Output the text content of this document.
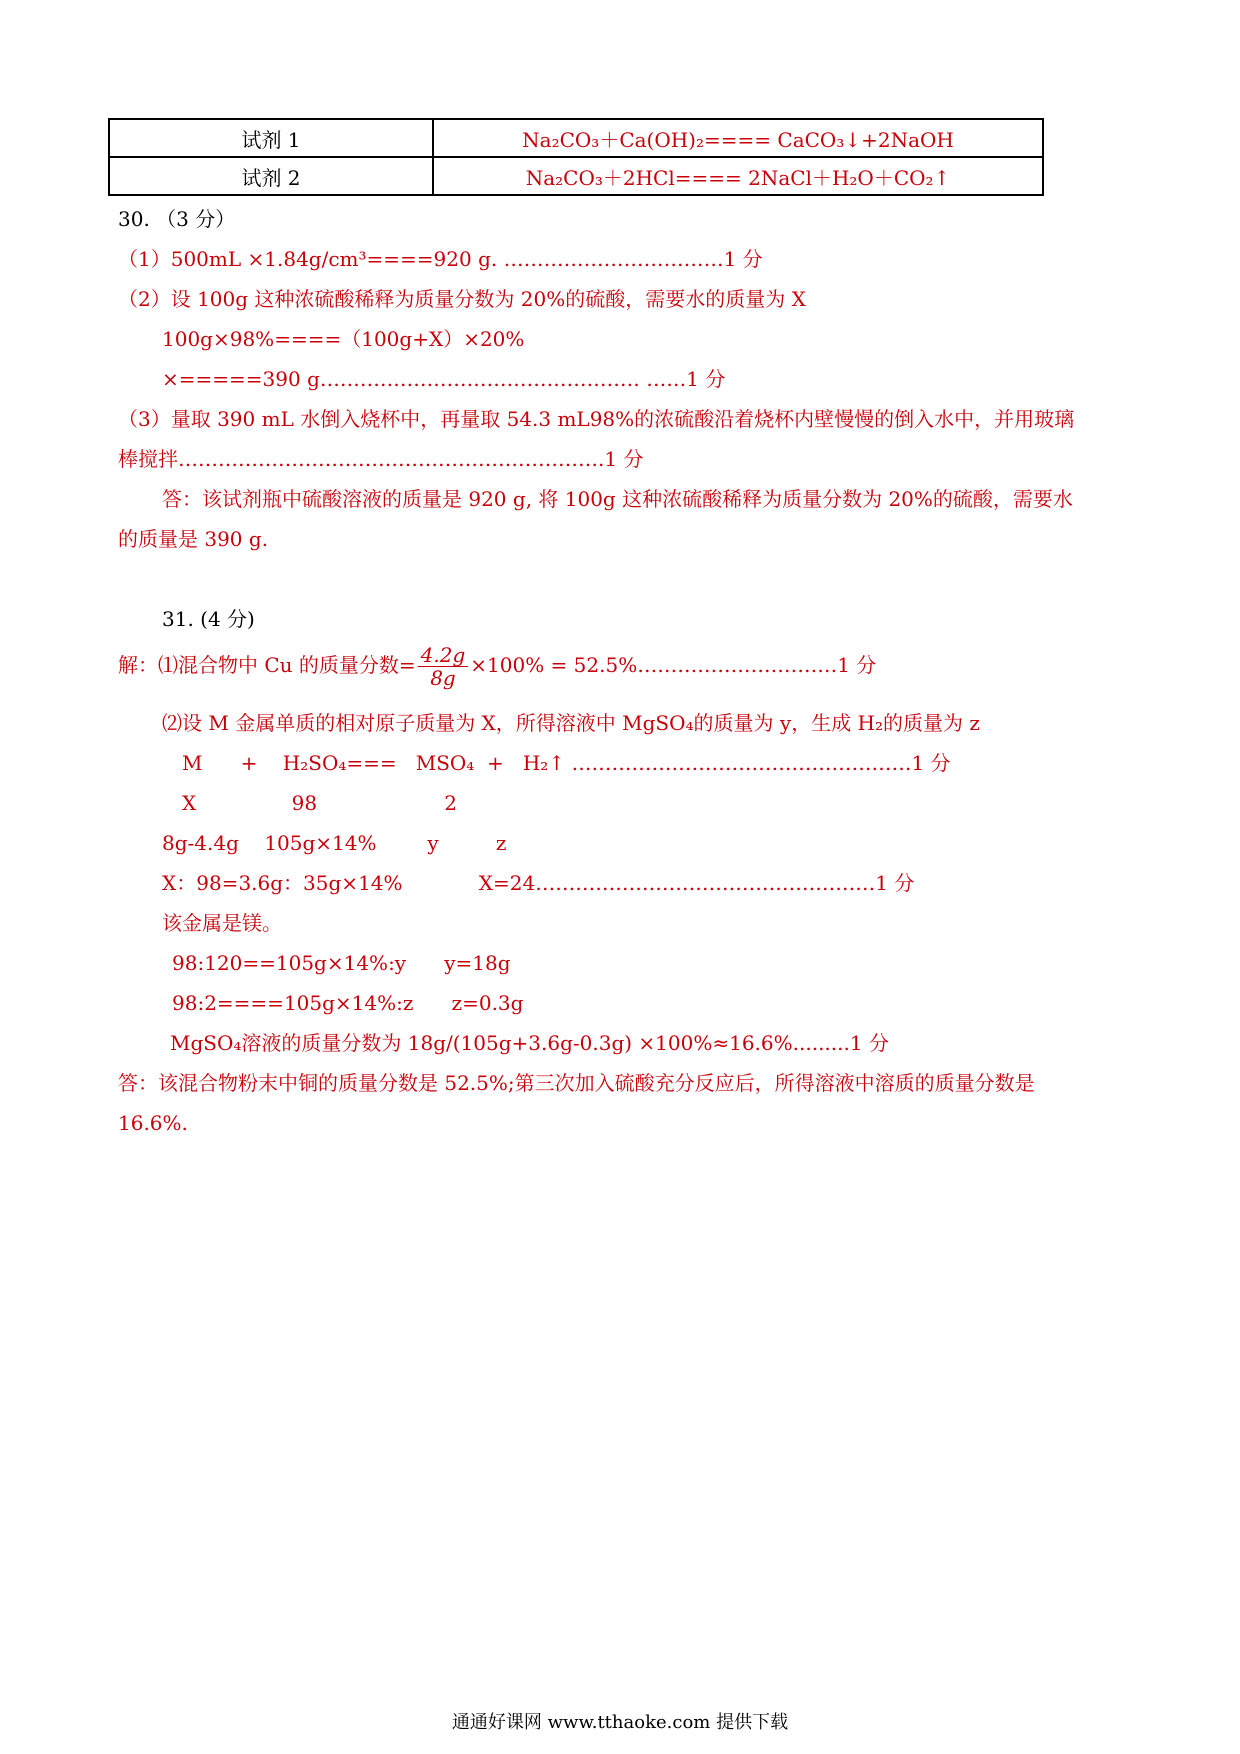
试剂 1	Na₂CO₃＋Ca(OH)₂==== CaCO₃↓+2NaOH
试剂 2	Na₂CO₃＋2HCl==== 2NaCl＋H₂O＋CO₂↑
30. （3 分）
（1）500mL ×1.84g/cm³====920 g. ……………………………1 分
（2）设 100g 这种浓硫酸稀释为质量分数为 20%的硫酸，需要水的质量为 X
100g×98%====（100g+X）×20%
×=====390 g………………………………………… ……1 分
（3）量取 390 mL 水倒入烧杯中，再量取 54.3 mL98%的浓硫酸沿着烧杯内壁慢慢的倒入水中，并用玻璃
棒搅拌……………………………………………………….1 分
答：该试剂瓶中硫酸溶液的质量是 920 g, 将 100g 这种浓硫酸稀释为质量分数为 20%的硫酸，需要水
的质量是 390 g.
31. (4 分)
解：⑴混合物中 Cu 的质量分数= $\frac{4.2g}{8g} \times 100\%$ = 52.5%…………………………1 分
⑵设 M 金属单质的相对原子质量为 X，所得溶液中 MgSO₄的质量为 y，生成 H₂的质量为 z
M      +    H₂SO₄===   MSO₄  +   H₂↑ ……………………………………………1 分
X               98                    2
8g-4.4g    105g×14%        y         z
X：98=3.6g：35g×14%            X=24……………………………………………1 分
该金属是镁。
98:120==105g×14%:y      y=18g
98:2====105g×14%:z      z=0.3g
MgSO₄溶液的质量分数为 18g/(105g+3.6g-0.3g) ×100%≈16.6%.........1 分
答：该混合物粉末中铜的质量分数是 52.5%;第三次加入硫酸充分反应后，所得溶液中溶质的质量分数是
16.6%.
通通好课网 www.tthaoke.com 提供下载
